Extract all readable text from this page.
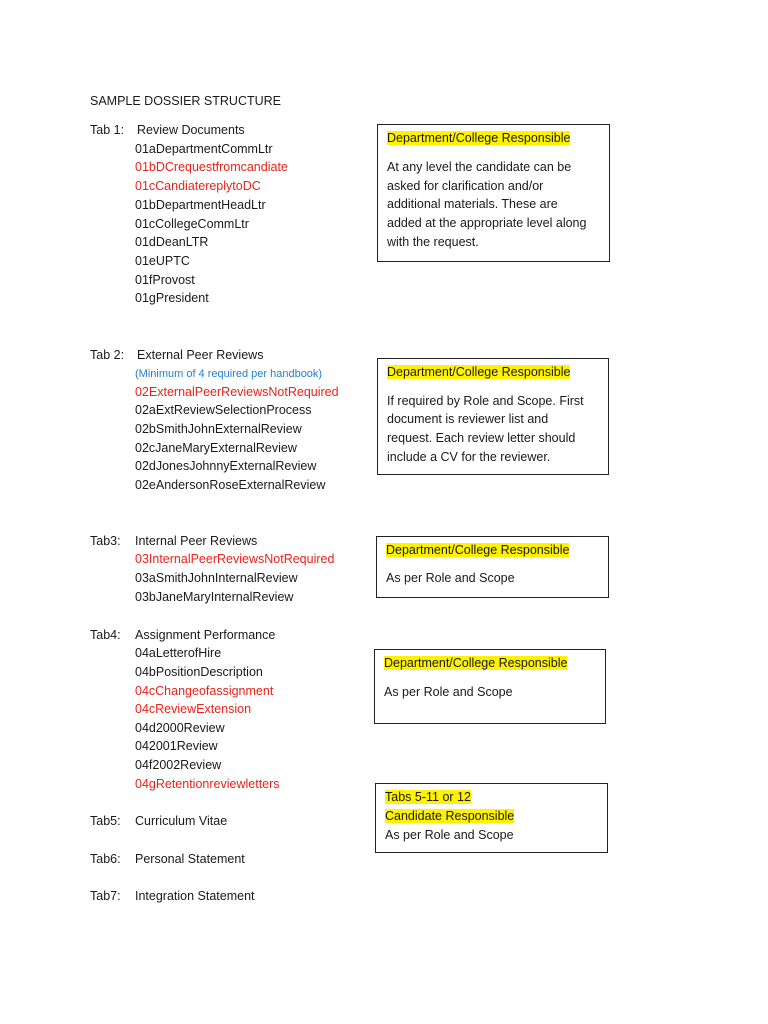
SAMPLE DOSSIER STRUCTURE
Tab 1: Review Documents
01aDepartmentCommLtr
01bDCrequestfromcandiate
01cCandiatereplytoDC
01bDepartmentHeadLtr
01cCollegeCommLtr
01dDeanLTR
01eUPTC
01fProvost
01gPresident
Tab 2: External Peer Reviews
(Minimum of 4 required per handbook)
02ExternalPeerReviewsNotRequired
02aExtReviewSelectionProcess
02bSmithJohnExternalReview
02cJaneMaryExternalReview
02dJonesJohnnyExternalReview
02eAndersonRoseExternalReview
Tab3: Internal Peer Reviews
03InternalPeerReviewsNotRequired
03aSmithJohnInternalReview
03bJaneMaryInternalReview
Tab4: Assignment Performance
04aLetterofHire
04bPositionDescription
04cChangeofassignment
04cReviewExtension
04d2000Review
042001Review
04f2002Review
04gRetentionreviewletters
Tab5: Curriculum Vitae
Tab6: Personal Statement
Tab7: Integration Statement
Department/College Responsible
At any level the candidate can be
asked for clarification and/or
additional materials. These are
added at the appropriate level along
with the request.
Department/College Responsible
If required by Role and Scope. First
document is reviewer list and
request. Each review letter should
include a CV for the reviewer.
Department/College Responsible
As per Role and Scope
Department/College Responsible
As per Role and Scope
Tabs 5-11 or 12
Candidate Responsible
As per Role and Scope
